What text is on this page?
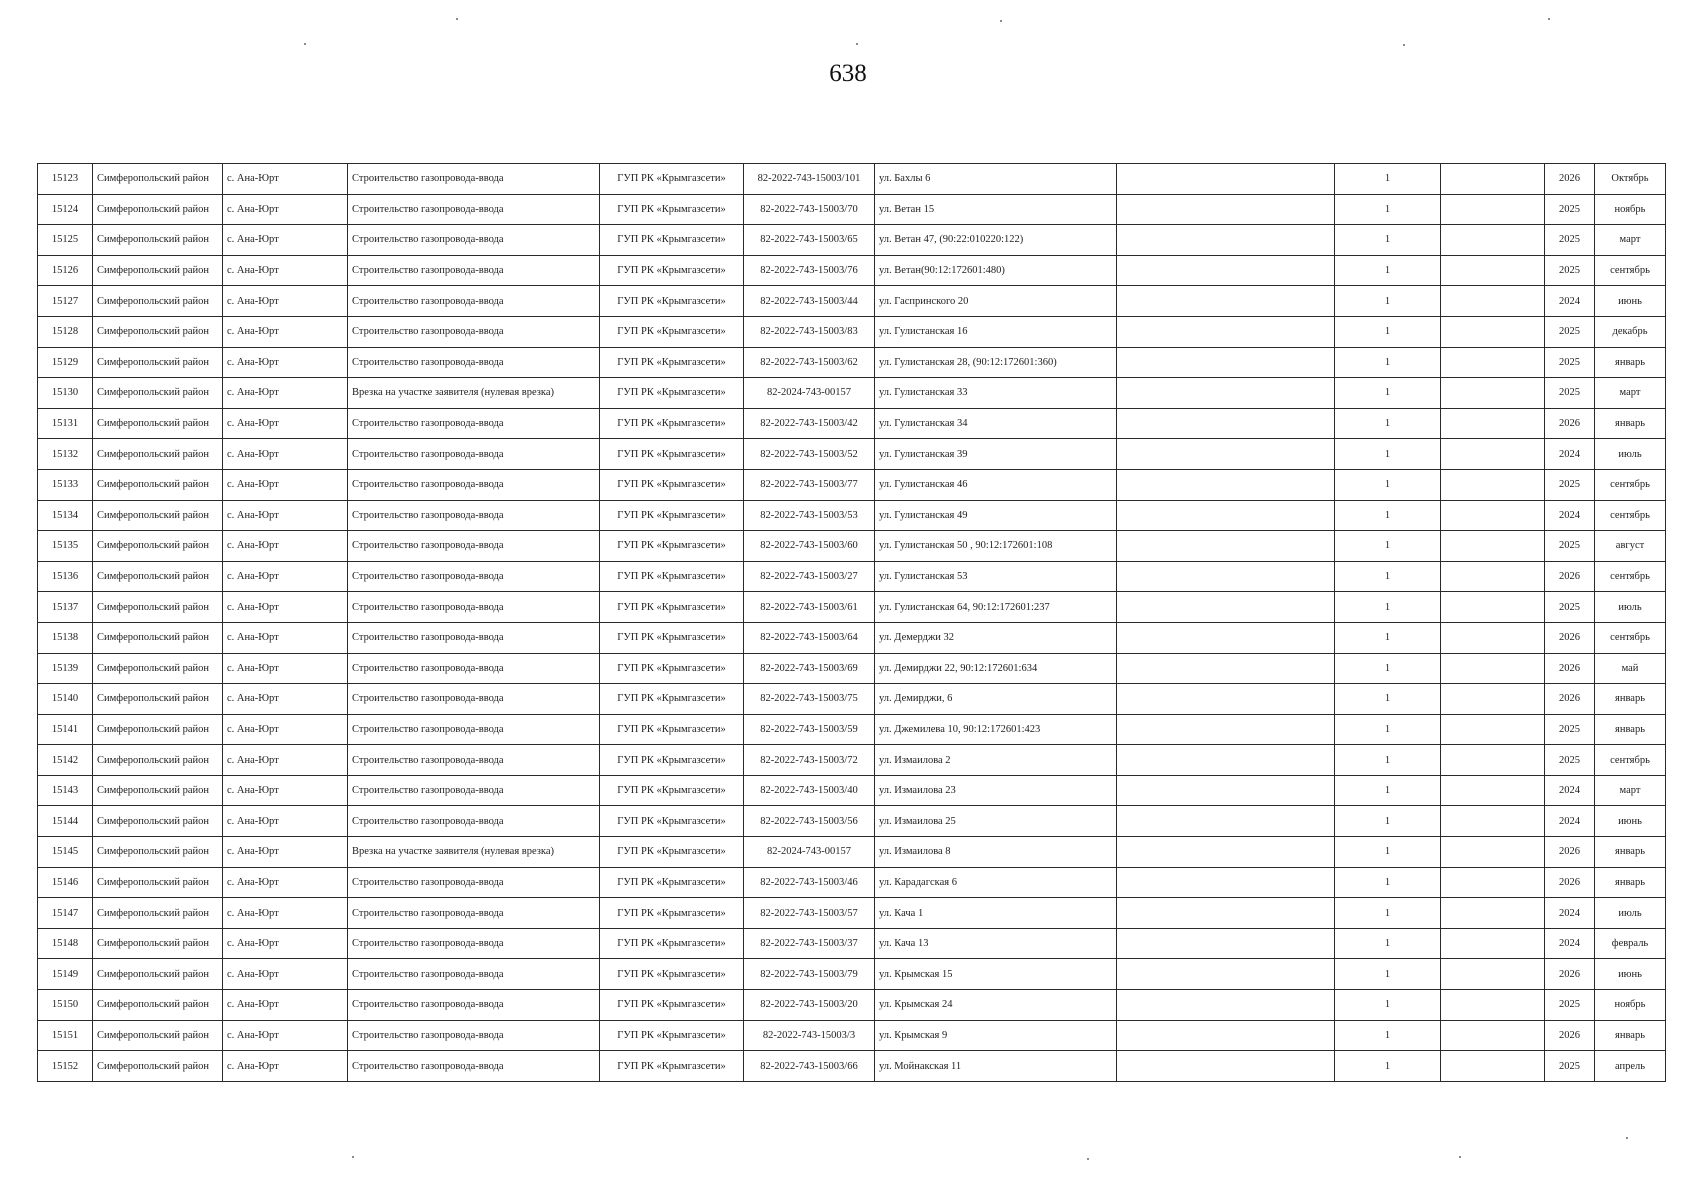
638
15123	Симферопольский район	с. Ана-Юрт	Строительство газопровода-ввода	ГУП РК «Крымгазсети»	82-2022-743-15003/101	ул. Бахлы 6		1		2026	Октябрь
15124	Симферопольский район	с. Ана-Юрт	Строительство газопровода-ввода	ГУП РК «Крымгазсети»	82-2022-743-15003/70	ул. Ветан 15		1		2025	ноябрь
15125	Симферопольский район	с. Ана-Юрт	Строительство газопровода-ввода	ГУП РК «Крымгазсети»	82-2022-743-15003/65	ул. Ветан 47, (90:22:010220:122)		1		2025	март
15126	Симферопольский район	с. Ана-Юрт	Строительство газопровода-ввода	ГУП РК «Крымгазсети»	82-2022-743-15003/76	ул. Ветан(90:12:172601:480)		1		2025	сентябрь
15127	Симферопольский район	с. Ана-Юрт	Строительство газопровода-ввода	ГУП РК «Крымгазсети»	82-2022-743-15003/44	ул. Гаспринского 20		1		2024	июнь
15128	Симферопольский район	с. Ана-Юрт	Строительство газопровода-ввода	ГУП РК «Крымгазсети»	82-2022-743-15003/83	ул. Гулистанская 16		1		2025	декабрь
15129	Симферопольский район	с. Ана-Юрт	Строительство газопровода-ввода	ГУП РК «Крымгазсети»	82-2022-743-15003/62	ул. Гулистанская 28, (90:12:172601:360)		1		2025	январь
15130	Симферопольский район	с. Ана-Юрт	Врезка на участке заявителя (нулевая врезка)	ГУП РК «Крымгазсети»	82-2024-743-00157	ул. Гулистанская 33		1		2025	март
15131	Симферопольский район	с. Ана-Юрт	Строительство газопровода-ввода	ГУП РК «Крымгазсети»	82-2022-743-15003/42	ул. Гулистанская 34		1		2026	январь
15132	Симферопольский район	с. Ана-Юрт	Строительство газопровода-ввода	ГУП РК «Крымгазсети»	82-2022-743-15003/52	ул. Гулистанская 39		1		2024	июль
15133	Симферопольский район	с. Ана-Юрт	Строительство газопровода-ввода	ГУП РК «Крымгазсети»	82-2022-743-15003/77	ул. Гулистанская 46		1		2025	сентябрь
15134	Симферопольский район	с. Ана-Юрт	Строительство газопровода-ввода	ГУП РК «Крымгазсети»	82-2022-743-15003/53	ул. Гулистанская 49		1		2024	сентябрь
15135	Симферопольский район	с. Ана-Юрт	Строительство газопровода-ввода	ГУП РК «Крымгазсети»	82-2022-743-15003/60	ул. Гулистанская 50 , 90:12:172601:108		1		2025	август
15136	Симферопольский район	с. Ана-Юрт	Строительство газопровода-ввода	ГУП РК «Крымгазсети»	82-2022-743-15003/27	ул. Гулистанская 53		1		2026	сентябрь
15137	Симферопольский район	с. Ана-Юрт	Строительство газопровода-ввода	ГУП РК «Крымгазсети»	82-2022-743-15003/61	ул. Гулистанская 64, 90:12:172601:237		1		2025	июль
15138	Симферопольский район	с. Ана-Юрт	Строительство газопровода-ввода	ГУП РК «Крымгазсети»	82-2022-743-15003/64	ул. Демерджи 32		1		2026	сентябрь
15139	Симферопольский район	с. Ана-Юрт	Строительство газопровода-ввода	ГУП РК «Крымгазсети»	82-2022-743-15003/69	ул. Демирджи 22, 90:12:172601:634		1		2026	май
15140	Симферопольский район	с. Ана-Юрт	Строительство газопровода-ввода	ГУП РК «Крымгазсети»	82-2022-743-15003/75	ул. Демирджи, 6		1		2026	январь
15141	Симферопольский район	с. Ана-Юрт	Строительство газопровода-ввода	ГУП РК «Крымгазсети»	82-2022-743-15003/59	ул. Джемилева 10, 90:12:172601:423		1		2025	январь
15142	Симферопольский район	с. Ана-Юрт	Строительство газопровода-ввода	ГУП РК «Крымгазсети»	82-2022-743-15003/72	ул. Измаилова 2		1		2025	сентябрь
15143	Симферопольский район	с. Ана-Юрт	Строительство газопровода-ввода	ГУП РК «Крымгазсети»	82-2022-743-15003/40	ул. Измаилова 23		1		2024	март
15144	Симферопольский район	с. Ана-Юрт	Строительство газопровода-ввода	ГУП РК «Крымгазсети»	82-2022-743-15003/56	ул. Измаилова 25		1		2024	июнь
15145	Симферопольский район	с. Ана-Юрт	Врезка на участке заявителя (нулевая врезка)	ГУП РК «Крымгазсети»	82-2024-743-00157	ул. Измаилова 8		1		2026	январь
15146	Симферопольский район	с. Ана-Юрт	Строительство газопровода-ввода	ГУП РК «Крымгазсети»	82-2022-743-15003/46	ул. Карадагская 6		1		2026	январь
15147	Симферопольский район	с. Ана-Юрт	Строительство газопровода-ввода	ГУП РК «Крымгазсети»	82-2022-743-15003/57	ул. Кача 1		1		2024	июль
15148	Симферопольский район	с. Ана-Юрт	Строительство газопровода-ввода	ГУП РК «Крымгазсети»	82-2022-743-15003/37	ул. Кача 13		1		2024	февраль
15149	Симферопольский район	с. Ана-Юрт	Строительство газопровода-ввода	ГУП РК «Крымгазсети»	82-2022-743-15003/79	ул. Крымская 15		1		2026	июнь
15150	Симферопольский район	с. Ана-Юрт	Строительство газопровода-ввода	ГУП РК «Крымгазсети»	82-2022-743-15003/20	ул. Крымская 24		1		2025	ноябрь
15151	Симферопольский район	с. Ана-Юрт	Строительство газопровода-ввода	ГУП РК «Крымгазсети»	82-2022-743-15003/3	ул. Крымская 9		1		2026	январь
15152	Симферопольский район	с. Ана-Юрт	Строительство газопровода-ввода	ГУП РК «Крымгазсети»	82-2022-743-15003/66	ул. Мойнакская 11		1		2025	апрель
